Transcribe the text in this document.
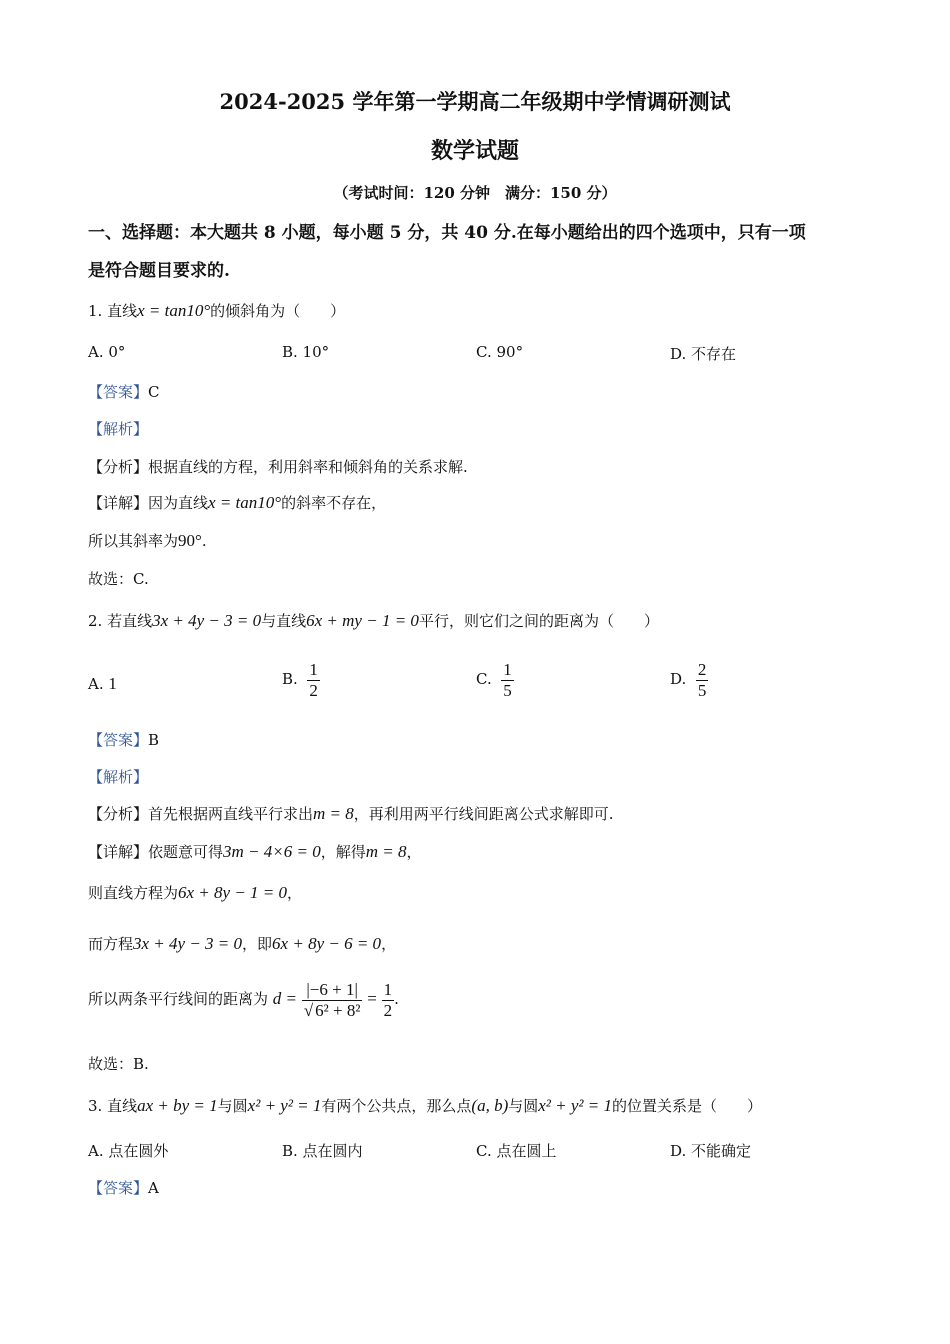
2024-2025 学年第一学期高二年级期中学情调研测试
数学试题
（考试时间：120 分钟　满分：150 分）
一、选择题：本大题共 8 小题，每小题 5 分，共 40 分.在每小题给出的四个选项中，只有一项
是符合题目要求的.
1. 直线x = tan10°的倾斜角为（　　）
A. 0°	B. 10°	C. 90°	D. 不存在
【答案】C
【解析】
【分析】根据直线的方程，利用斜率和倾斜角的关系求解.
【详解】因为直线x = tan10°的斜率不存在，
所以其斜率为90°.
故选：C.
2. 若直线3x + 4y − 3 = 0与直线6x + my − 1 = 0平行，则它们之间的距离为（　　）
A. 1	B. $\frac{1}{2}$	C. $\frac{1}{5}$	D. $\frac{2}{5}$
【答案】B
【解析】
【分析】首先根据两直线平行求出m = 8，再利用两平行线间距离公式求解即可.
【详解】依题意可得3m − 4×6 = 0，解得m = 8，
则直线方程为6x + 8y − 1 = 0，
而方程3x + 4y − 3 = 0，即6x + 8y − 6 = 0，
所以两条平行线间的距离为 $d = \frac{|-6 + 1|}{\text{√ 6² + 8²}} = \frac{1}{2}$ .
故选：B.
3. 直线ax + by = 1与圆x² + y² = 1有两个公共点，那么点(a, b)与圆x² + y² = 1的位置关系是（　　）
A. 点在圆外	B. 点在圆内	C. 点在圆上	D. 不能确定
【答案】A
